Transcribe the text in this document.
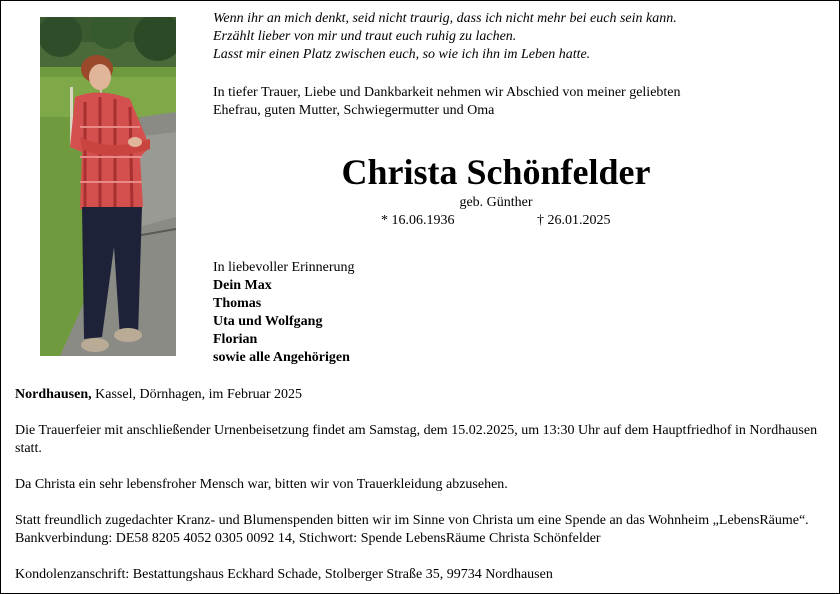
Wenn ihr an mich denkt, seid nicht traurig, dass ich nicht mehr bei euch sein kann.
Erzählt lieber von mir und traut euch ruhig zu lachen.
Lasst mir einen Platz zwischen euch, so wie ich ihn im Leben hatte.
In tiefer Trauer, Liebe und Dankbarkeit nehmen wir Abschied von meiner geliebten
Ehefrau, guten Mutter, Schwiegermutter und Oma
Christa Schönfelder
geb. Günther
* 16.06.1936	† 26.01.2025
In liebevoller Erinnerung
Dein Max
Thomas
Uta und Wolfgang
Florian
sowie alle Angehörigen

Nordhausen, Kassel, Dörnhagen, im Februar 2025

Die Trauerfeier mit anschließender Urnenbeisetzung findet am Samstag, dem 15.02.2025, um 13:30 Uhr auf dem Hauptfriedhof in Nordhausen statt.

Da Christa ein sehr lebensfroher Mensch war, bitten wir von Trauerkleidung abzusehen.

Statt freundlich zugedachter Kranz- und Blumenspenden bitten wir im Sinne von Christa um eine Spende an das Wohnheim „LebensRäume“. Bankverbindung: DE58 8205 4052 0305 0092 14, Stichwort: Spende LebensRäume Christa Schönfelder

Kondolenzanschrift: Bestattungshaus Eckhard Schade, Stolberger Straße 35, 99734 Nordhausen
